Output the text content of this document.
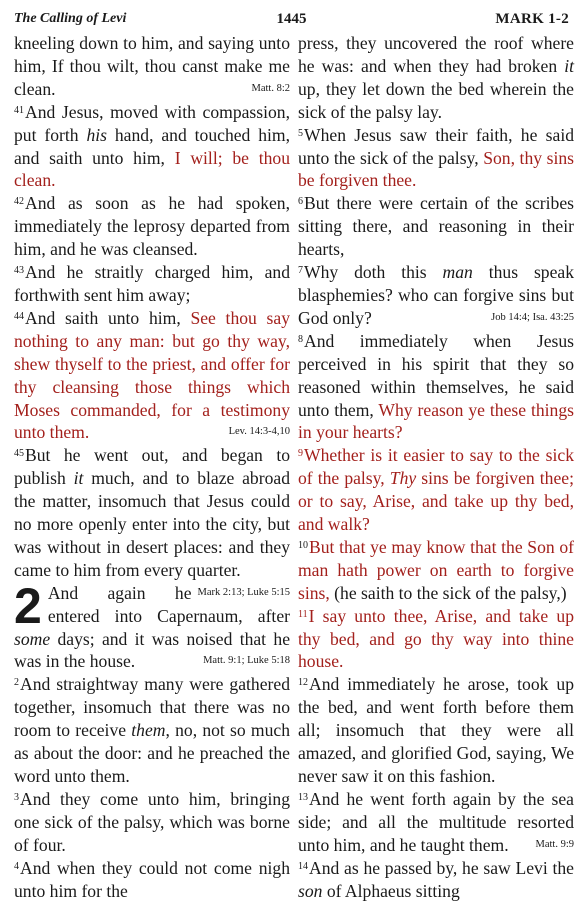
The Calling of Levi	1445	MARK 1-2

kneeling down to him, and saying unto him, If thou wilt, thou canst make me clean.	Matt. 8:2

$^{41}$And Jesus, moved with compassion, put forth his hand, and touched him, and saith unto him, I will; be thou clean.

$^{42}$And as soon as he had spoken, immediately the leprosy departed from him, and he was cleansed.

$^{43}$And he straitly charged him, and forthwith sent him away;

$^{44}$And saith unto him, See thou say nothing to any man: but go thy way, shew thyself to the priest, and offer for thy cleansing those things which Moses commanded, for a testimony unto them.	Lev. 14:3-4,10

$^{45}$But he went out, and began to publish it much, and to blaze abroad the matter, insomuch that Jesus could no more openly enter into the city, but was without in desert places: and they came to him from every quarter.
Mark 2:13; Luke 5:15

2 And again he entered into Capernaum, after some days; and it was noised that he was in the house.	Matt. 9:1; Luke 5:18

$^2$And straightway many were gathered together, insomuch that there was no room to receive them, no, not so much as about the door: and he preached the word unto them.

$^3$And they come unto him, bringing one sick of the palsy, which was borne of four.

$^4$And when they could not come nigh unto him for the

press, they uncovered the roof where he was: and when they had broken it up, they let down the bed wherein the sick of the palsy lay.

$^5$When Jesus saw their faith, he said unto the sick of the palsy, Son, thy sins be forgiven thee.

$^6$But there were certain of the scribes sitting there, and reasoning in their hearts,

$^7$Why doth this man thus speak blasphemies? who can forgive sins but God only?	Job 14:4; Isa. 43:25

$^8$And immediately when Jesus perceived in his spirit that they so reasoned within themselves, he said unto them, Why reason ye these things in your hearts?

$^9$Whether is it easier to say to the sick of the palsy, Thy sins be forgiven thee; or to say, Arise, and take up thy bed, and walk?

$^{10}$But that ye may know that the Son of man hath power on earth to forgive sins, (he saith to the sick of the palsy,)

$^{11}$I say unto thee, Arise, and take up thy bed, and go thy way into thine house.

$^{12}$And immediately he arose, took up the bed, and went forth before them all; insomuch that they were all amazed, and glorified God, saying, We never saw it on this fashion.

$^{13}$And he went forth again by the sea side; and all the multitude resorted unto him, and he taught them.	Matt. 9:9

$^{14}$And as he passed by, he saw Levi the son of Alphaeus sitting
